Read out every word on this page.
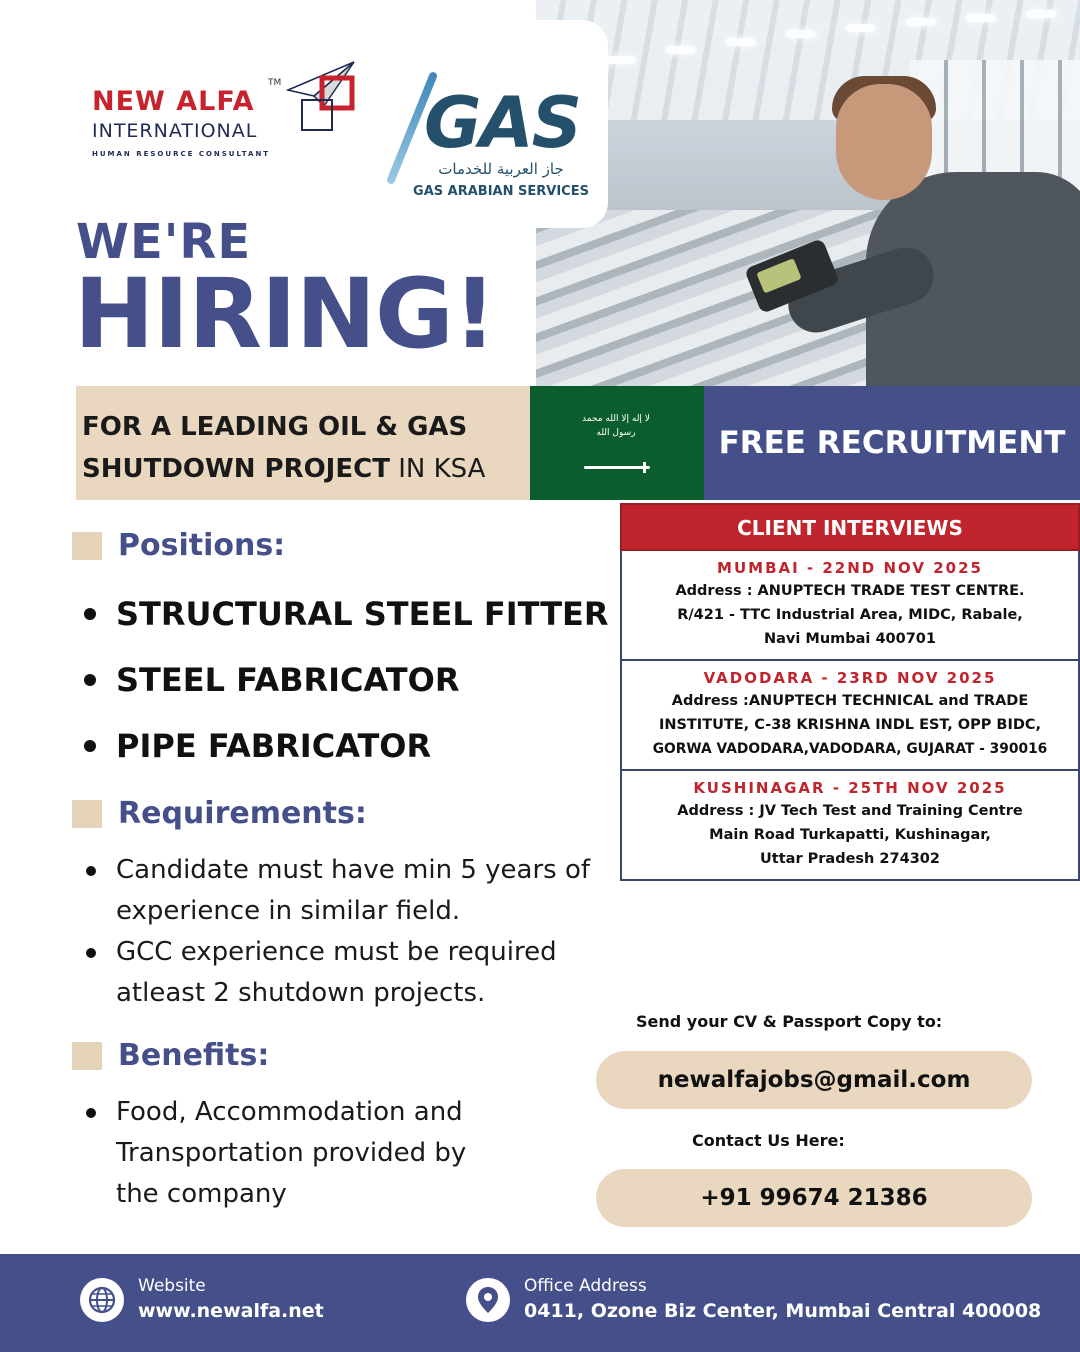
GAS
جاز العربية للخدمات
GAS ARABIAN SERVICES
NEW ALFA
TM
INTERNATIONAL
HUMAN RESOURCE CONSULTANT
WE'RE
HIRING!
FOR A LEADING OIL & GAS
SHUTDOWN PROJECT IN KSA
لا إله إلا الله محمد رسول الله	FREE RECRUITMENT
Positions:
STRUCTURAL STEEL FITTER
STEEL FABRICATOR
PIPE FABRICATOR
Requirements:
Candidate must have min 5 years of experience in similar field.
GCC experience must be required atleast 2 shutdown projects.
Benefits:
Food, Accommodation and Transportation provided by the company
CLIENT INTERVIEWS
MUMBAI - 22ND NOV 2025
Address : ANUPTECH TRADE TEST CENTRE.
R/421 - TTC Industrial Area, MIDC, Rabale,
Navi Mumbai 400701
VADODARA - 23RD NOV 2025
Address :ANUPTECH TECHNICAL and TRADE
INSTITUTE, C-38 KRISHNA INDL EST, OPP BIDC,
GORWA VADODARA,VADODARA, GUJARAT - 390016
KUSHINAGAR - 25TH NOV 2025
Address : JV Tech Test and Training Centre
Main Road Turkapatti, Kushinagar,
Uttar Pradesh 274302
Send your CV & Passport Copy to:
newalfajobs@gmail.com
Contact Us Here:
+91 99674 21386
Website
www.newalfa.net
Office Address
0411, Ozone Biz Center, Mumbai Central 400008
